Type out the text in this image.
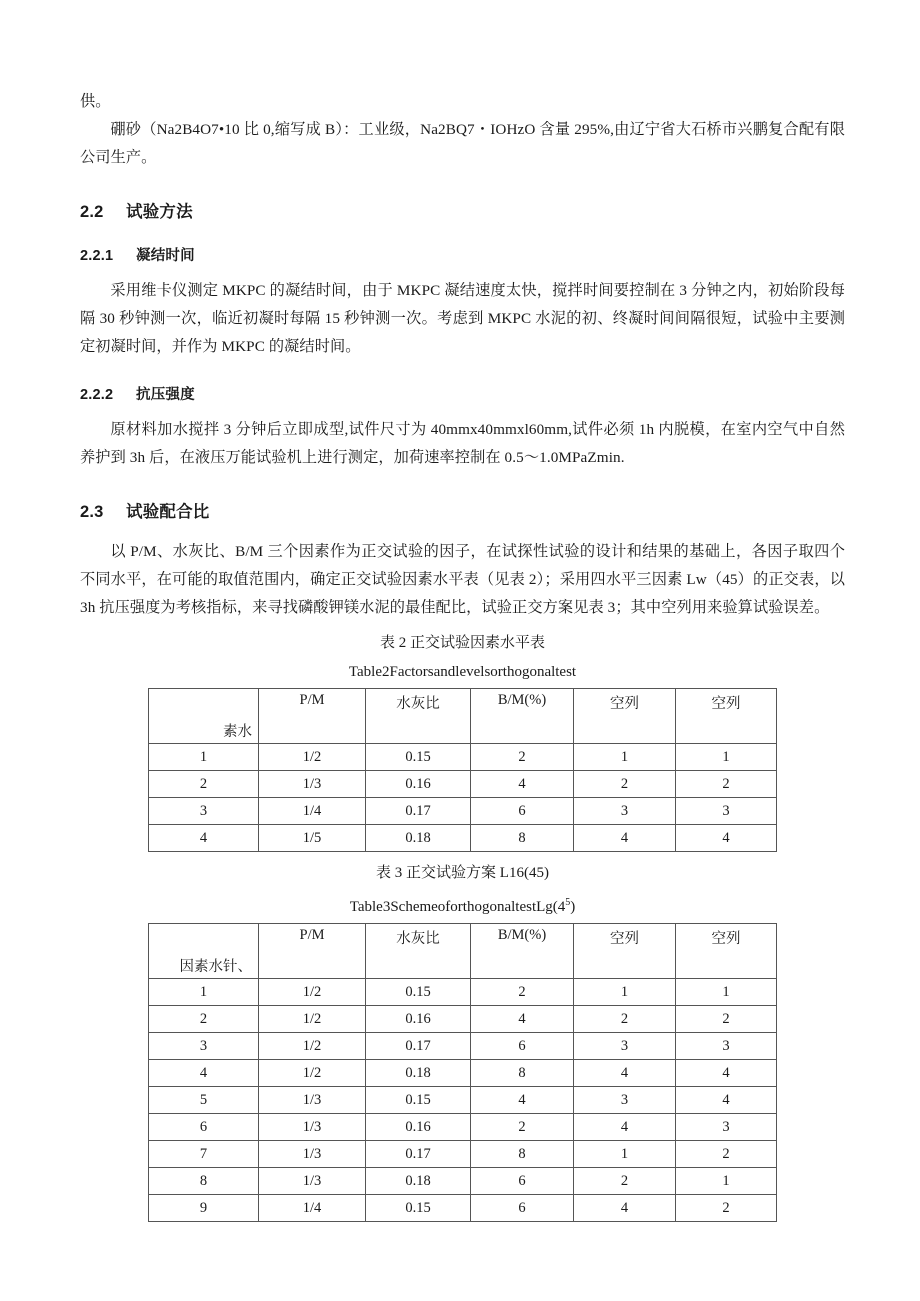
供。

硼砂（Na2B4O7•10 比 0,缩写成 B）：工业级，Na2BQ7・IOHzO 含量 295%,由辽宁省大石桥市兴鹏复合配有限公司生产。

2.2 试验方法
2.2.1 凝结时间

采用维卡仪测定 MKPC 的凝结时间，由于 MKPC 凝结速度太快，搅拌时间要控制在 3 分钟之内，初始阶段每隔 30 秒钟测一次，临近初凝时每隔 15 秒钟测一次。考虑到 MKPC 水泥的初、终凝时间间隔很短，试验中主要测定初凝时间，并作为 MKPC 的凝结时间。

2.2.2 抗压强度

原材料加水搅拌 3 分钟后立即成型,试件尺寸为 40mmx40mmxl60mm,试件必须 1h 内脱模，在室内空气中自然养护到 3h 后，在液压万能试验机上进行测定，加荷速率控制在 0.5～1.0MPaZmin.

2.3 试验配合比

以 P/M、水灰比、B/M 三个因素作为正交试验的因子，在试探性试验的设计和结果的基础上，各因子取四个不同水平，在可能的取值范围内，确定正交试验因素水平表（见表 2）；采用四水平三因素 Lw（45）的正交表，以 3h 抗压强度为考核指标，来寻找磷酸钾镁水泥的最佳配比，试验正交方案见表 3；其中空列用来验算试验误差。

表 2 正交试验因素水平表
Table2Factorsandlevelsorthogonaltest
素水	P/M	水灰比	B/M(%)	空列	空列
1	1/2	0.15	2	1	1
2	1/3	0.16	4	2	2
3	1/4	0.17	6	3	3
4	1/5	0.18	8	4	4
表 3 正交试验方案 L16(45)
$Table3SchemeoforthogonaltestLg(4^5)$
因素水针、	P/M	水灰比	B/M(%)	空列	空列
1	1/2	0.15	2	1	1
2	1/2	0.16	4	2	2
3	1/2	0.17	6	3	3
4	1/2	0.18	8	4	4
5	1/3	0.15	4	3	4
6	1/3	0.16	2	4	3
7	1/3	0.17	8	1	2
8	1/3	0.18	6	2	1
9	1/4	0.15	6	4	2
